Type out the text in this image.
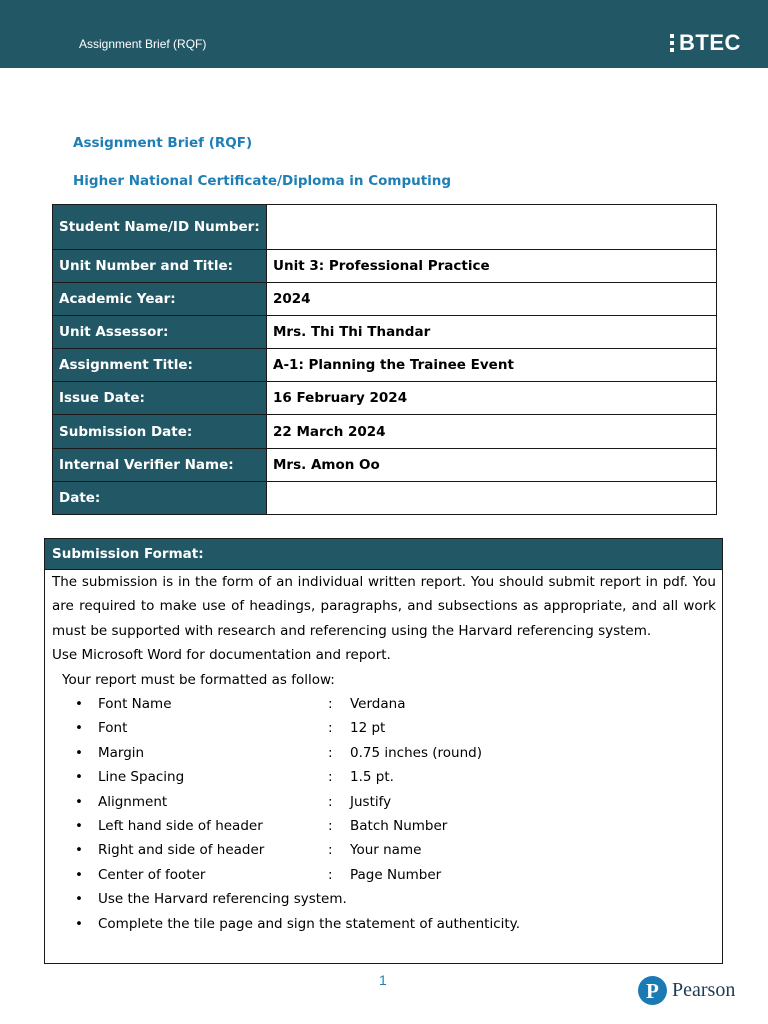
Assignment Brief (RQF)	BTEC
Assignment Brief (RQF)
Higher National Certificate/Diploma in Computing
Student Name/ID Number:	
Unit Number and Title:	Unit 3: Professional Practice
Academic Year:	2024
Unit Assessor:	Mrs. Thi Thi Thandar
Assignment Title:	A-1: Planning the Trainee Event
Issue Date:	16 February 2024
Submission Date:	22 March 2024
Internal Verifier Name:	Mrs. Amon Oo
Date:	
Submission Format:

The submission is in the form of an individual written report. You should submit report in pdf. You are required to make use of headings, paragraphs, and subsections as appropriate, and all work must be supported with research and referencing using the Harvard referencing system.

Use Microsoft Word for documentation and report.
Your report must be formatted as follow:
• Font Name	: Verdana
• Font	: 12 pt
• Margin	: 0.75 inches (round)
• Line Spacing	: 1.5 pt.
• Alignment	: Justify
• Left hand side of header	: Batch Number
• Right and side of header	: Your name
• Center of footer	: Page Number
• Use the Harvard referencing system.
• Complete the tile page and sign the statement of authenticity.
1 P	Pearson
